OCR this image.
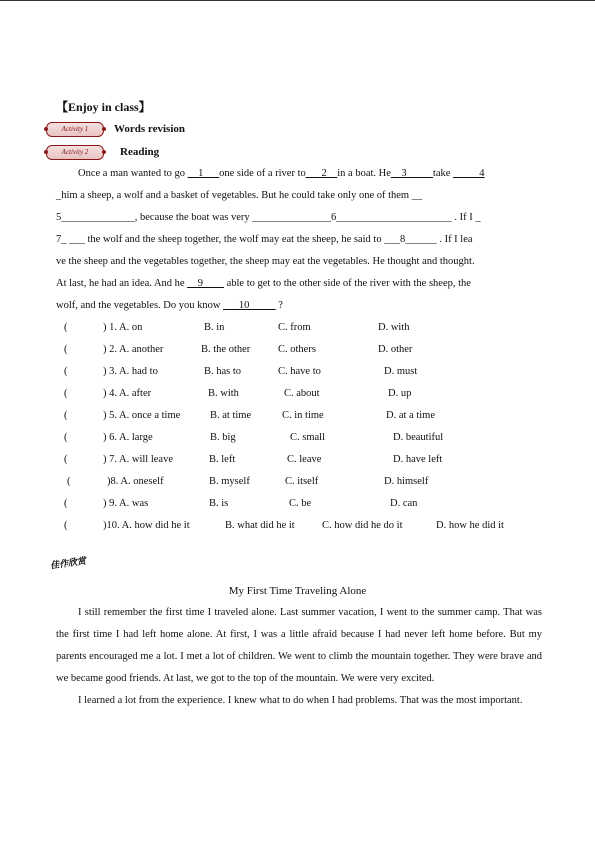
【Enjoy in class】
Activity 1	Words revision
Activity 2	Reading
Once a man wanted to go __1___one side of a river to___2__in a boat. He__3_____take _____4
_him a sheep, a wolf and a basket of vegetables. But he could take only one of them __
5______________, because the boat was very _______________6______________________ . If I _
7_ ___ the wolf and the sheep together, the wolf may eat the sheep, he said to ___8______ . If I lea
ve the sheep and the vegetables together, the sheep may eat the vegetables. He thought and thought.
At last, he had an idea. And he __9____ able to get to the other side of the river with the sheep, the
wolf, and the vegetables. Do you know ___10_____ ?
(	) 1. A. on	B. in	C. from	D. with
(	) 2. A. another	B. the other	C. others	D. other
(	) 3. A. had to	B. has to	C. have to	D. must
(	) 4. A. after	B. with	C. about	D. up
(	) 5. A. once a time	B. at time	C. in time	D. at a time
(	) 6. A. large	B. big	C. small	D. beautiful
(	) 7. A. will leave	B. left	C. leave	D. have left
(	)8. A. oneself	B. myself	C. itself	D. himself
(	) 9. A. was	B. is	C. be	D. can
(	)10. A. how did he it	B. what did he it	C. how did he do it	D. how he did it
佳作欣赏
My First Time Traveling Alone
I still remember the first time I traveled alone. Last summer vacation, I went to the summer camp. That was the first time I had left home alone. At first, I was a little afraid because I had never left home before. But my parents encouraged me a lot. I met a lot of children. We went to climb the mountain together. They were brave and we became good friends. At last, we got to the top of the mountain. We were very excited.
I learned a lot from the experience. I knew what to do when I had problems. That was the most important.
